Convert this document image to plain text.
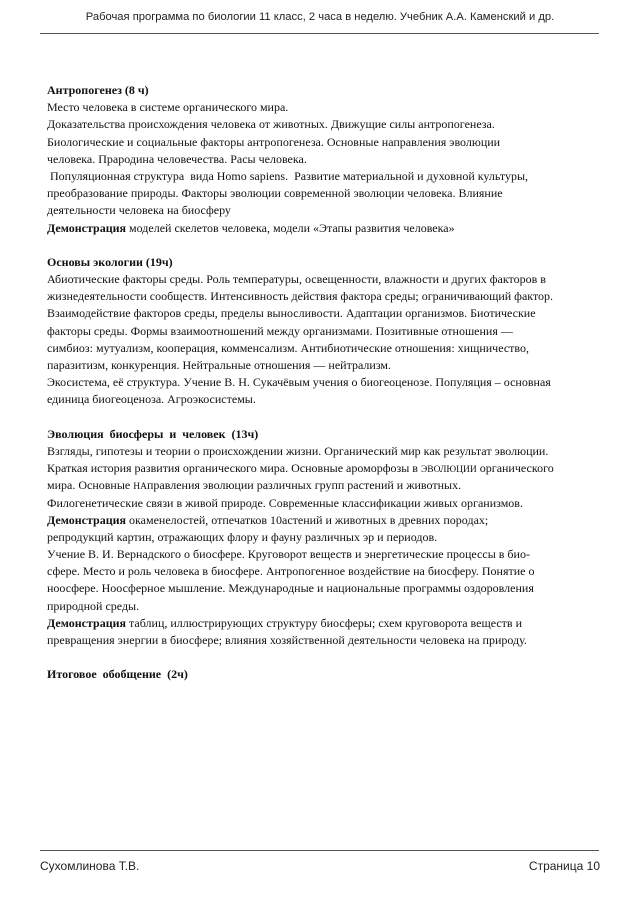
Рабочая программа по биологии 11 класс, 2 часа в неделю. Учебник А.А. Каменский и др.
Антропогенез (8 ч)
Место человека в системе органического мира.
Доказательства происхождения человека от животных. Движущие силы антропогенеза.
Биологические и социальные факторы антропогенеза. Основные направления эволюции
человека. Прародина человечества. Расы человека.
Популяционная структура  вида Homo sapiens.  Развитие материальной и духовной культуры,
преобразование природы. Факторы эволюции современной эволюции человека. Влияние
деятельности человека на биосферу
Демонстрация моделей скелетов человека, модели «Этапы развития человека»
Основы экологии (19ч)
Абиотические факторы среды. Роль температуры, освещенности, влажности и других факторов в
жизнедеятельности сообществ. Интенсивность действия фактора среды; ограничивающий фактор.
Взаимодействие факторов среды, пределы выносливости. Адаптации организмов. Биотические
факторы среды. Формы взаимоотношений между организмами. Позитивные отношения —
симбиоз: мутуализм, кооперация, комменсализм. Антибиотические отношения: хищничество,
паразитизм, конкуренция. Нейтральные отношения — нейтрализм.
Экосистема, её структура. Учение В. Н. Сукачёвым учения о биогеоценозе. Популяция – основная
единица биогеоценоза. Агроэкосистемы.
Эволюция  биосферы  и  человек  (13ч)
Взгляды, гипотезы и теории о происхождении жизни. Органический мир как результат эволюции.
Краткая история развития органического мира. Основные ароморфозы в ЭВОЛЮЦИИ органического
мира. Основные НАправления эволюции различных групп растений и животных.
Филогенетические связи в живой природе. Современные классификации живых организмов.
Демонстрация окаменелостей, отпечатков 10астений и животных в древних породах;
репродукций картин, отражающих флору и фауну различных эр и периодов.
Учение В. И. Вернадского о биосфере. Круговорот веществ и энергетические процессы в био-
сфере. Место и роль человека в биосфере. Антропогенное воздействие на биосферу. Понятие о
ноосфере. Ноосферное мышление. Международные и национальные программы оздоровления
природной среды.
Демонстрация таблиц, иллюстрирующих структуру биосферы; схем круговорота веществ и
превращения энергии в биосфере; влияния хозяйственной деятельности человека на природу.
Итоговое  обобщение  (2ч)
Сухомлинова Т.В.	Страница 10
